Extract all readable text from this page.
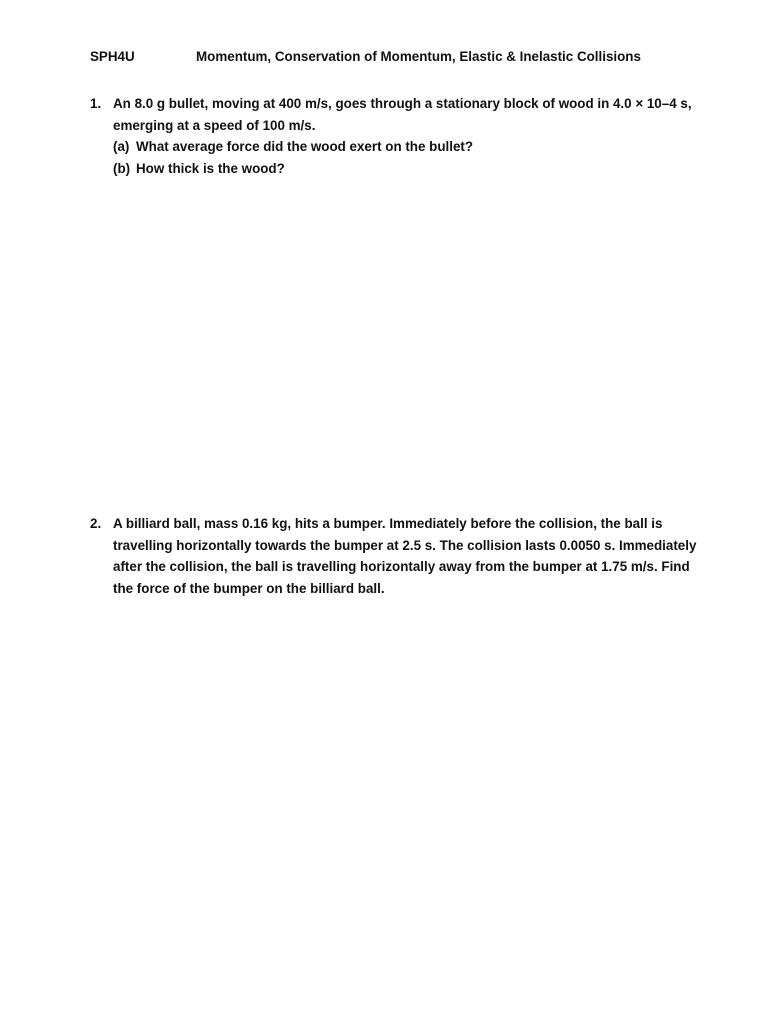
SPH4U	Momentum, Conservation of Momentum, Elastic & Inelastic Collisions
1. An 8.0 g bullet, moving at 400 m/s, goes through a stationary block of wood in 4.0 × 10–4 s, emerging at a speed of 100 m/s.
(a) What average force did the wood exert on the bullet?
(b) How thick is the wood?
2. A billiard ball, mass 0.16 kg, hits a bumper. Immediately before the collision, the ball is travelling horizontally towards the bumper at 2.5 s. The collision lasts 0.0050 s. Immediately after the collision, the ball is travelling horizontally away from the bumper at 1.75 m/s. Find the force of the bumper on the billiard ball.
